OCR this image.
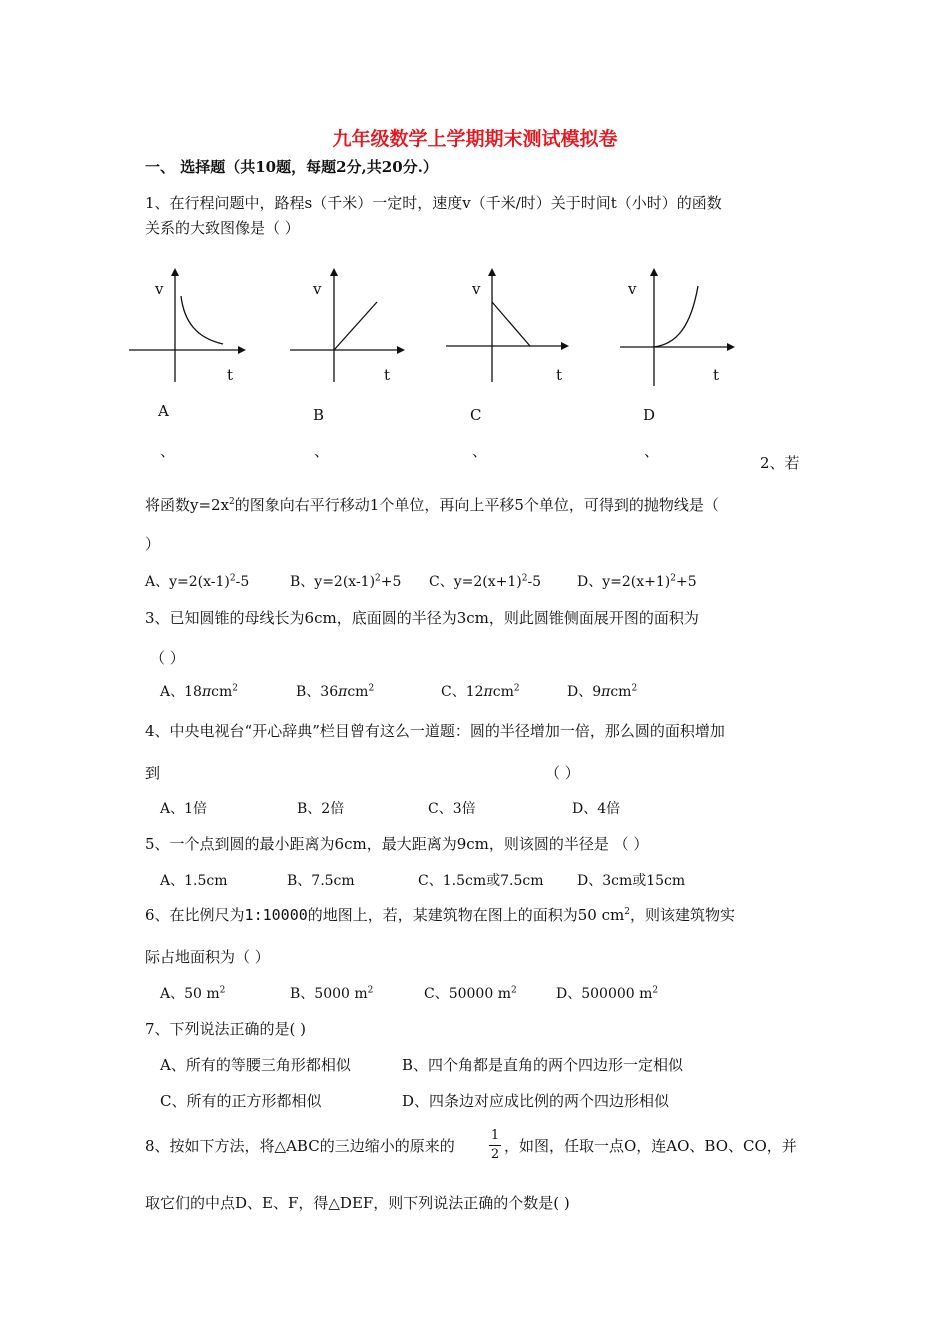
九年级数学上学期期末测试模拟卷
一、 选择题（共10题，每题2分,共20分.）
1、在行程问题中，路程s（千米）一定时，速度v（千米/时）关于时间t（小时）的函数
关系的大致图像是（ ）
v
t
A
、
v
t
B
、
v
t
C
、
v
t
D
、
2、若
将函数$y=2x^2$的图象向右平行移动1个单位，再向上平移5个单位，可得到的抛物线是（
）
A、$y=2(x-1)^2-5$	B、$y=2(x-1)^2+5$ C、$y=2(x+1)^2-5$	D、$y=2(x+1)^2+5$
3、已知圆锥的母线长为6cm，底面圆的半径为3cm，则此圆锥侧面展开图的面积为
（ ）
A、18πcm$^2$	B、36πcm$^2$	C、12πcm$^2$	D、9πcm$^2$
4、中央电视台“开心辞典”栏目曾有这么一道题：圆的半径增加一倍，那么圆的面积增加
到	（ ）
A、1倍	B、2倍	C、3倍	D、4倍
5、一个点到圆的最小距离为6cm，最大距离为9cm，则该圆的半径是 （ ）
A、1.5cm	B、7.5cm	C、1.5cm或7.5cm D、3cm或15cm
6、在比例尺为1:10000的地图上，若，某建筑物在图上的面积为50 $cm^2$，则该建筑物实
际占地面积为（ ）
A、50 $m^2$	B、5000 $m^2$	C、50000 $m^2$	D、500000 $m^2$
7、下列说法正确的是( )
A、所有的等腰三角形都相似	B、四个角都是直角的两个四边形一定相似
C、所有的正方形都相似	D、四条边对应成比例的两个四边形相似
8、按如下方法，将△ABC的三边缩小的原来的
1
2 ，如图，任取一点O，连AO、BO、CO，并
取它们的中点D、E、F，得△DEF，则下列说法正确的个数是( )
